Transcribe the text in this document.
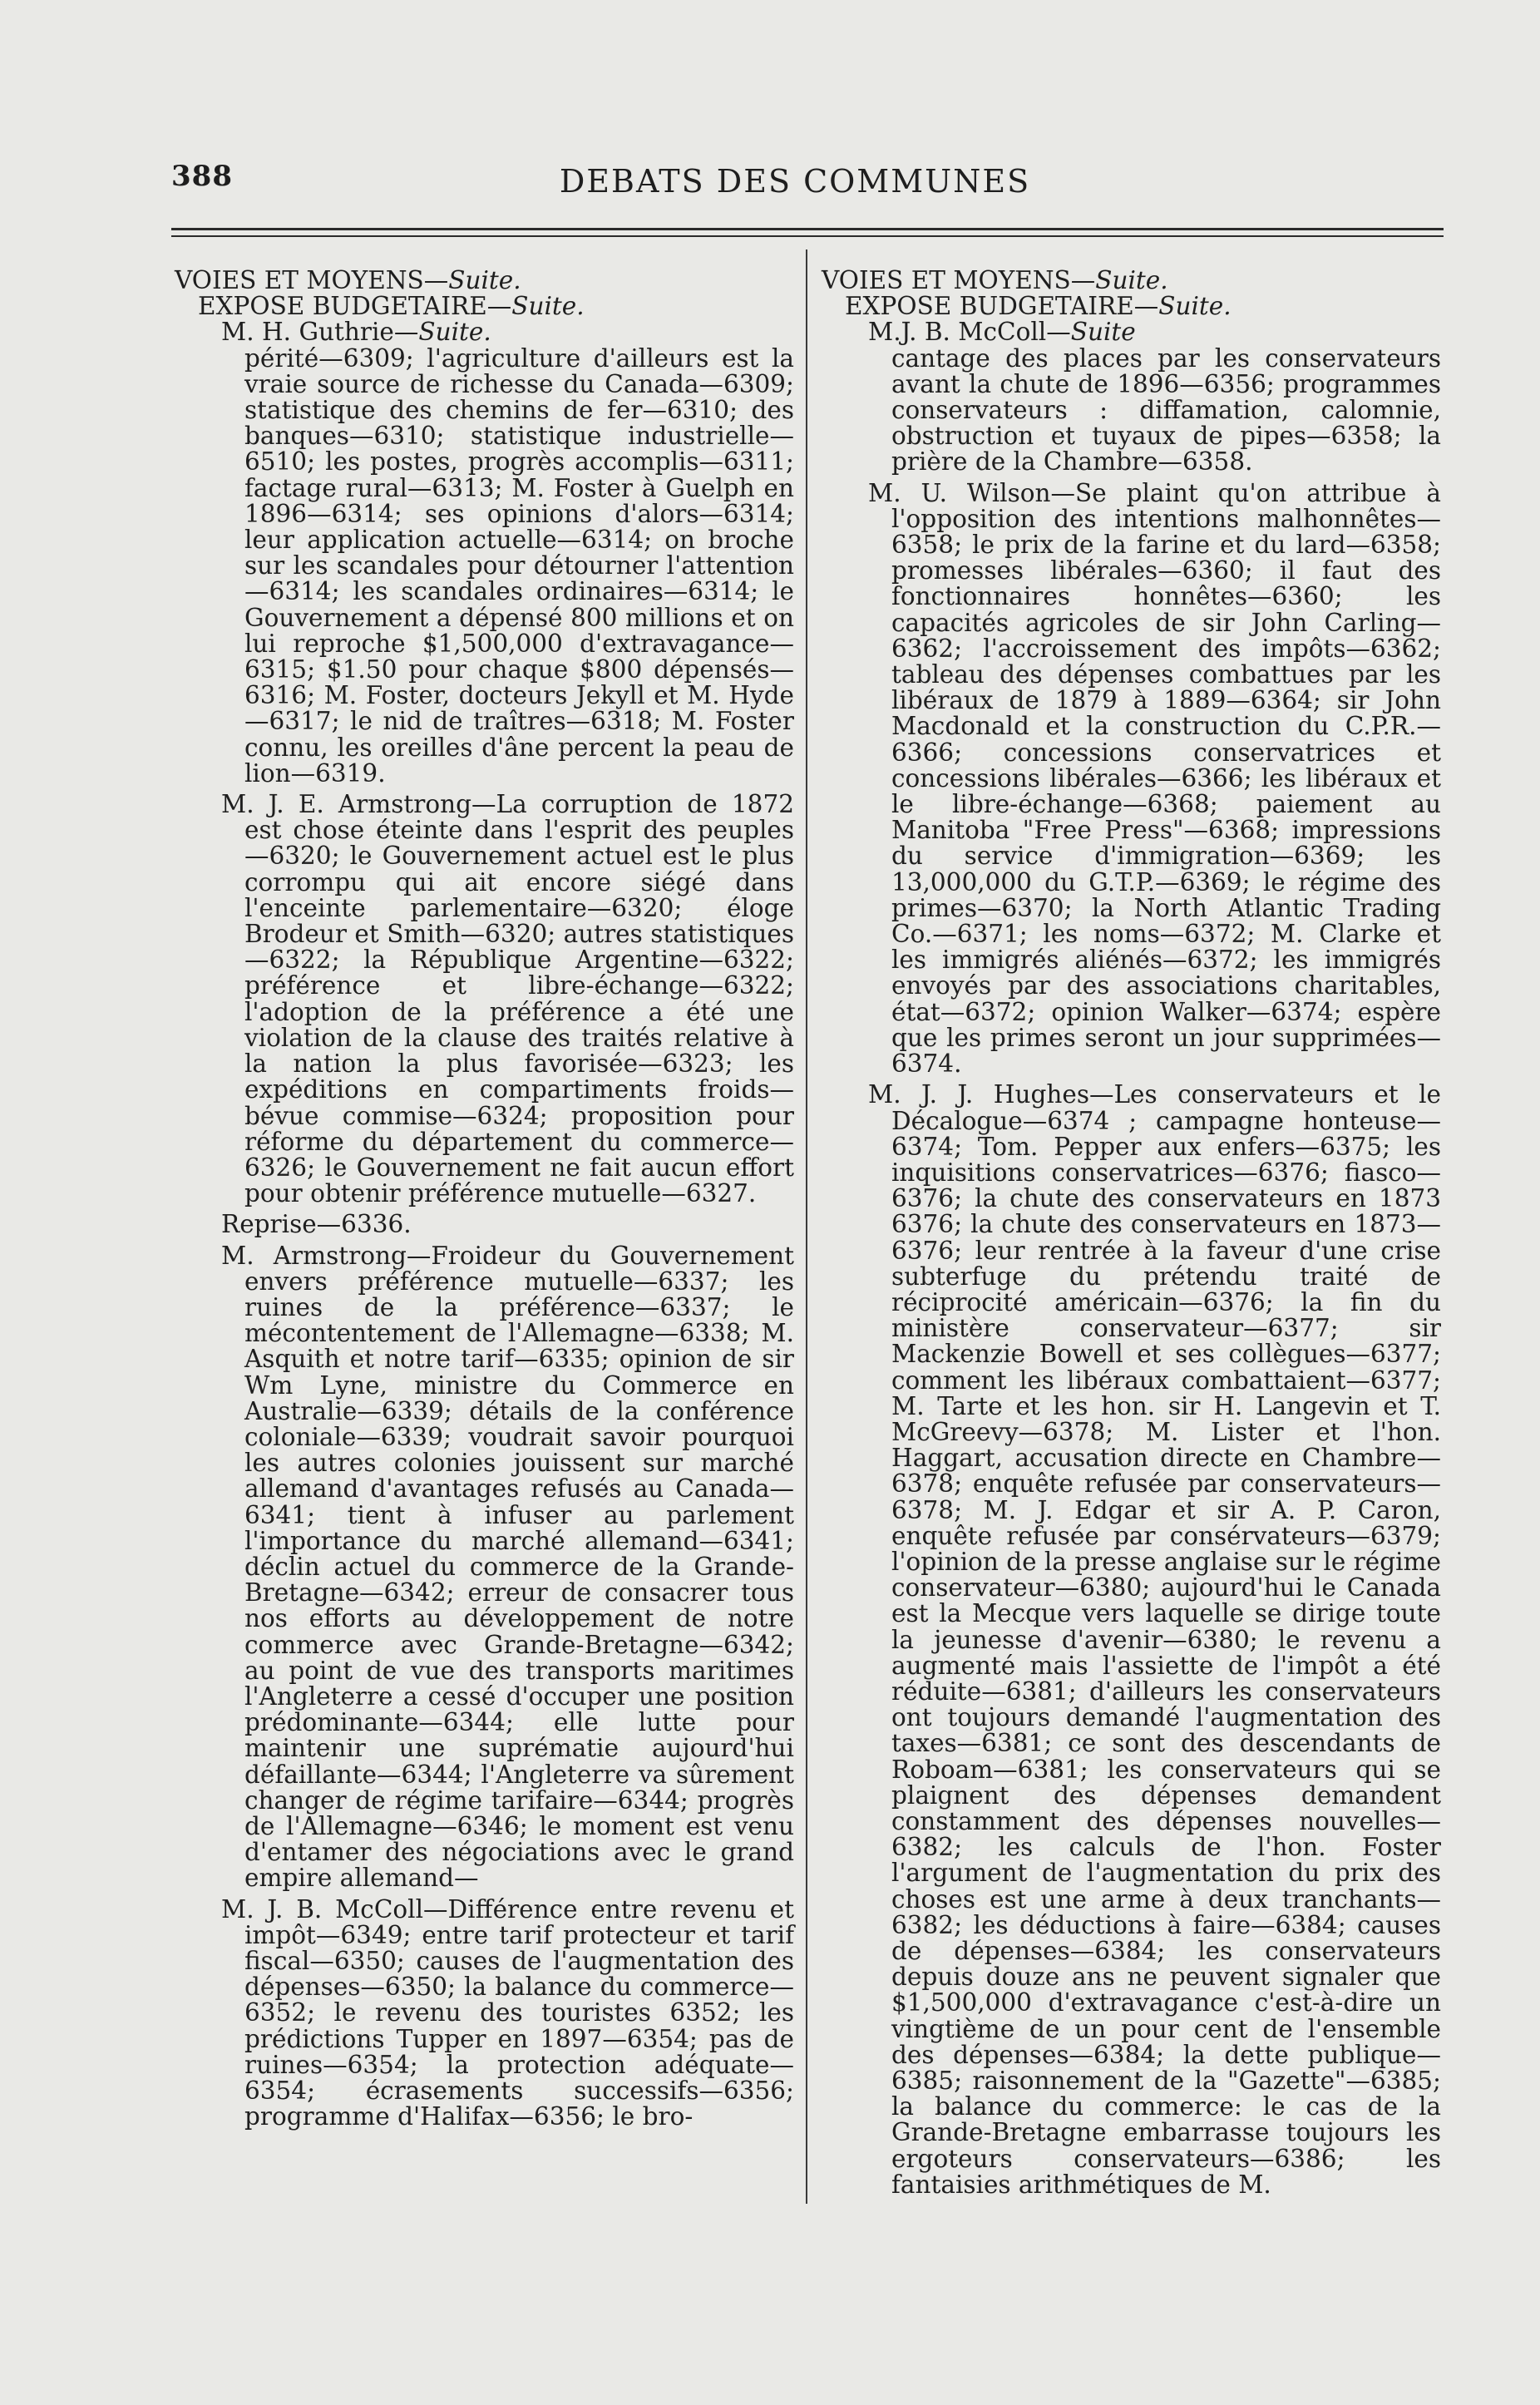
388	DEBATS DES COMMUNES

VOIES ET MOYENS—Suite.

EXPOSE BUDGETAIRE—Suite.

M. H. Guthrie—Suite.

périté—6309; l'agriculture d'ailleurs est la vraie source de richesse du Canada—6309; statistique des chemins de fer—6310; des banques—6310; statistique industrielle—6510; les postes, progrès accomplis—6311; factage rural—6313; M. Foster à Guelph en 1896—6314; ses opinions d'alors—6314; leur application actuelle—6314; on broche sur les scandales pour détourner l'attention—6314; les scandales ordinaires—6314; le Gouvernement a dépensé 800 millions et on lui reproche $1,500,000 d'extravagance—6315; $1.50 pour chaque $800 dépensés—6316; M. Foster, docteurs Jekyll et M. Hyde—6317; le nid de traîtres—6318; M. Foster connu, les oreilles d'âne percent la peau de lion—6319.

M. J. E. Armstrong—La corruption de 1872 est chose éteinte dans l'esprit des peuples—6320; le Gouvernement actuel est le plus corrompu qui ait encore siégé dans l'enceinte parlementaire—6320; éloge Brodeur et Smith—6320; autres statistiques—6322; la République Argentine—6322; préférence et libre-échange—6322; l'adoption de la préférence a été une violation de la clause des traités relative à la nation la plus favorisée—6323; les expéditions en compartiments froids—bévue commise—6324; proposition pour réforme du département du commerce—6326; le Gouvernement ne fait aucun effort pour obtenir préférence mutuelle—6327.

Reprise—6336.

M. Armstrong—Froideur du Gouvernement envers préférence mutuelle—6337; les ruines de la préférence—6337; le mécontentement de l'Allemagne—6338; M. Asquith et notre tarif—6335; opinion de sir Wm Lyne, ministre du Commerce en Australie—6339; détails de la conférence coloniale—6339; voudrait savoir pourquoi les autres colonies jouissent sur marché allemand d'avantages refusés au Canada—6341; tient à infuser au parlement l'importance du marché allemand—6341; déclin actuel du commerce de la Grande-Bretagne—6342; erreur de consacrer tous nos efforts au développement de notre commerce avec Grande-Bretagne—6342; au point de vue des transports maritimes l'Angleterre a cessé d'occuper une position prédominante—6344; elle lutte pour maintenir une suprématie aujourd'hui défaillante—6344; l'Angleterre va sûrement changer de régime tarifaire—6344; progrès de l'Allemagne—6346; le moment est venu d'entamer des négociations avec le grand empire allemand—

M. J. B. McColl—Différence entre revenu et impôt—6349; entre tarif protecteur et tarif fiscal—6350; causes de l'augmentation des dépenses—6350; la balance du commerce—6352; le revenu des touristes 6352; les prédictions Tupper en 1897—6354; pas de ruines—6354; la protection adéquate—6354; écrasements successifs—6356; programme d'Halifax—6356; le bro-

VOIES ET MOYENS—Suite.

EXPOSE BUDGETAIRE—Suite.

M.J. B. McColl—Suite

cantage des places par les conservateurs avant la chute de 1896—6356; programmes conservateurs : diffamation, calomnie, obstruction et tuyaux de pipes—6358; la prière de la Chambre—6358.

M. U. Wilson—Se plaint qu'on attribue à l'opposition des intentions malhonnêtes—6358; le prix de la farine et du lard—6358; promesses libérales—6360; il faut des fonctionnaires honnêtes—6360; les capacités agricoles de sir John Carling—6362; l'accroissement des impôts—6362; tableau des dépenses combattues par les libéraux de 1879 à 1889—6364; sir John Macdonald et la construction du C.P.R.—6366; concessions conservatrices et concessions libérales—6366; les libéraux et le libre-échange—6368; paiement au Manitoba "Free Press"—6368; impressions du service d'immigration—6369; les 13,000,000 du G.T.P.—6369; le régime des primes—6370; la North Atlantic Trading Co.—6371; les noms—6372; M. Clarke et les immigrés aliénés—6372; les immigrés envoyés par des associations charitables, état—6372; opinion Walker—6374; espère que les primes seront un jour supprimées—6374.

M. J. J. Hughes—Les conservateurs et le Décalogue—6374 ; campagne honteuse—6374; Tom. Pepper aux enfers—6375; les inquisitions conservatrices—6376; fiasco—6376; la chute des conservateurs en 1873 6376; la chute des conservateurs en 1873—6376; leur rentrée à la faveur d'une crise subterfuge du prétendu traité de réciprocité américain—6376; la fin du ministère conservateur—6377; sir Mackenzie Bowell et ses collègues—6377; comment les libéraux combattaient—6377; M. Tarte et les hon. sir H. Langevin et T. McGreevy—6378; M. Lister et l'hon. Haggart, accusation directe en Chambre—6378; enquête refusée par conservateurs—6378; M. J. Edgar et sir A. P. Caron, enquête refusée par consérvateurs—6379; l'opinion de la presse anglaise sur le régime conservateur—6380; aujourd'hui le Canada est la Mecque vers laquelle se dirige toute la jeunesse d'avenir—6380; le revenu a augmenté mais l'assiette de l'impôt a été réduite—6381; d'ailleurs les conservateurs ont toujours demandé l'augmentation des taxes—6381; ce sont des descendants de Roboam—6381; les conservateurs qui se plaignent des dépenses demandent constamment des dépenses nouvelles—6382; les calculs de l'hon. Foster l'argument de l'augmentation du prix des choses est une arme à deux tranchants—6382; les déductions à faire—6384; causes de dépenses—6384; les conservateurs depuis douze ans ne peuvent signaler que $1,500,000 d'extravagance c'est-à-dire un vingtième de un pour cent de l'ensemble des dépenses—6384; la dette publique—6385; raisonnement de la "Gazette"—6385; la balance du commerce: le cas de la Grande-Bretagne embarrasse toujours les ergoteurs conservateurs—6386; les fantaisies arithmétiques de M.
